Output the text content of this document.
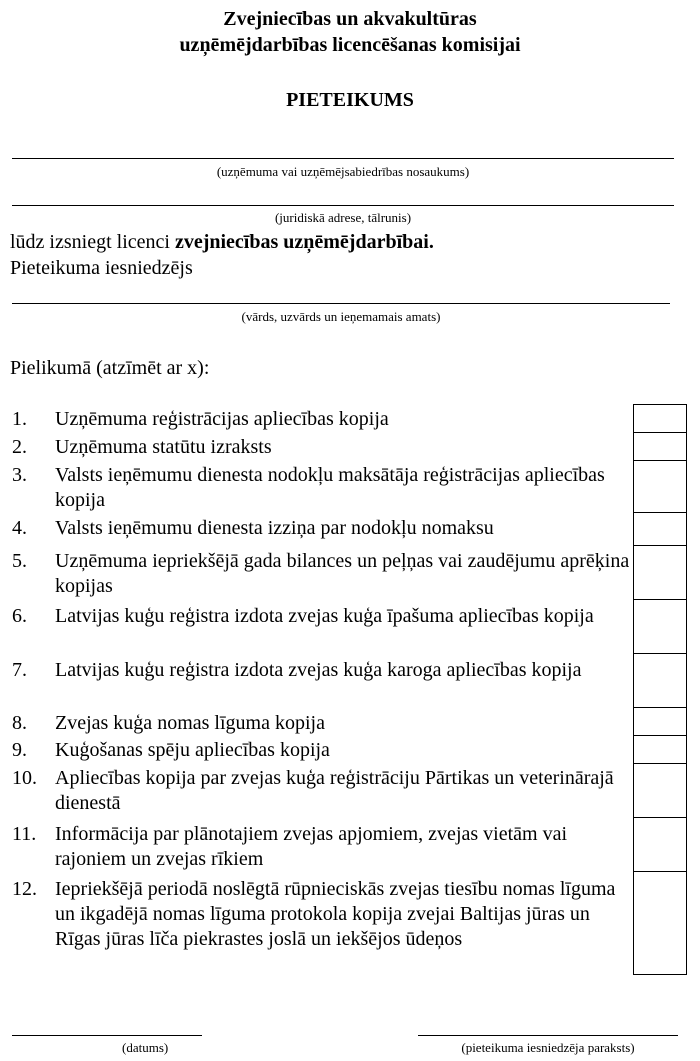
Zvejniecības un akvakultūras
uzņēmējdarbības licencēšanas komisijai
PIETEIKUMS
(uzņēmuma vai uzņēmējsabiedrības nosaukums)
(juridiskā adrese, tālrunis)
lūdz izsniegt licenci zvejniecības uzņēmējdarbībai.
Pieteikuma iesniedzējs
(vārds, uzvārds un ieņemamais amats)
Pielikumā (atzīmēt ar x):
1. Uzņēmuma reģistrācijas apliecības kopija
2. Uzņēmuma statūtu izraksts
3. Valsts ieņēmumu dienesta nodokļu maksātāja reģistrācijas apliecības kopija
4. Valsts ieņēmumu dienesta izziņa par nodokļu nomaksu
5. Uzņēmuma iepriekšējā gada bilances un peļņas vai zaudējumu aprēķina kopijas
6. Latvijas kuģu reģistra izdota zvejas kuģa īpašuma apliecības kopija
7. Latvijas kuģu reģistra izdota zvejas kuģa karoga apliecības kopija
8. Zvejas kuģa nomas līguma kopija
9. Kuģošanas spēju apliecības kopija
10. Apliecības kopija par zvejas kuģa reģistrāciju Pārtikas un veterinārajā dienestā
11. Informācija par plānotajiem zvejas apjomiem, zvejas vietām vai rajoniem un zvejas rīkiem
12. Iepriekšējā periodā noslēgtā rūpnieciskās zvejas tiesību nomas līguma un ikgadējā nomas līguma protokola kopija zvejai Baltijas jūras un Rīgas jūras līča piekrastes joslā un iekšējos ūdeņos
(datums)	(pieteikuma iesniedzēja paraksts)
